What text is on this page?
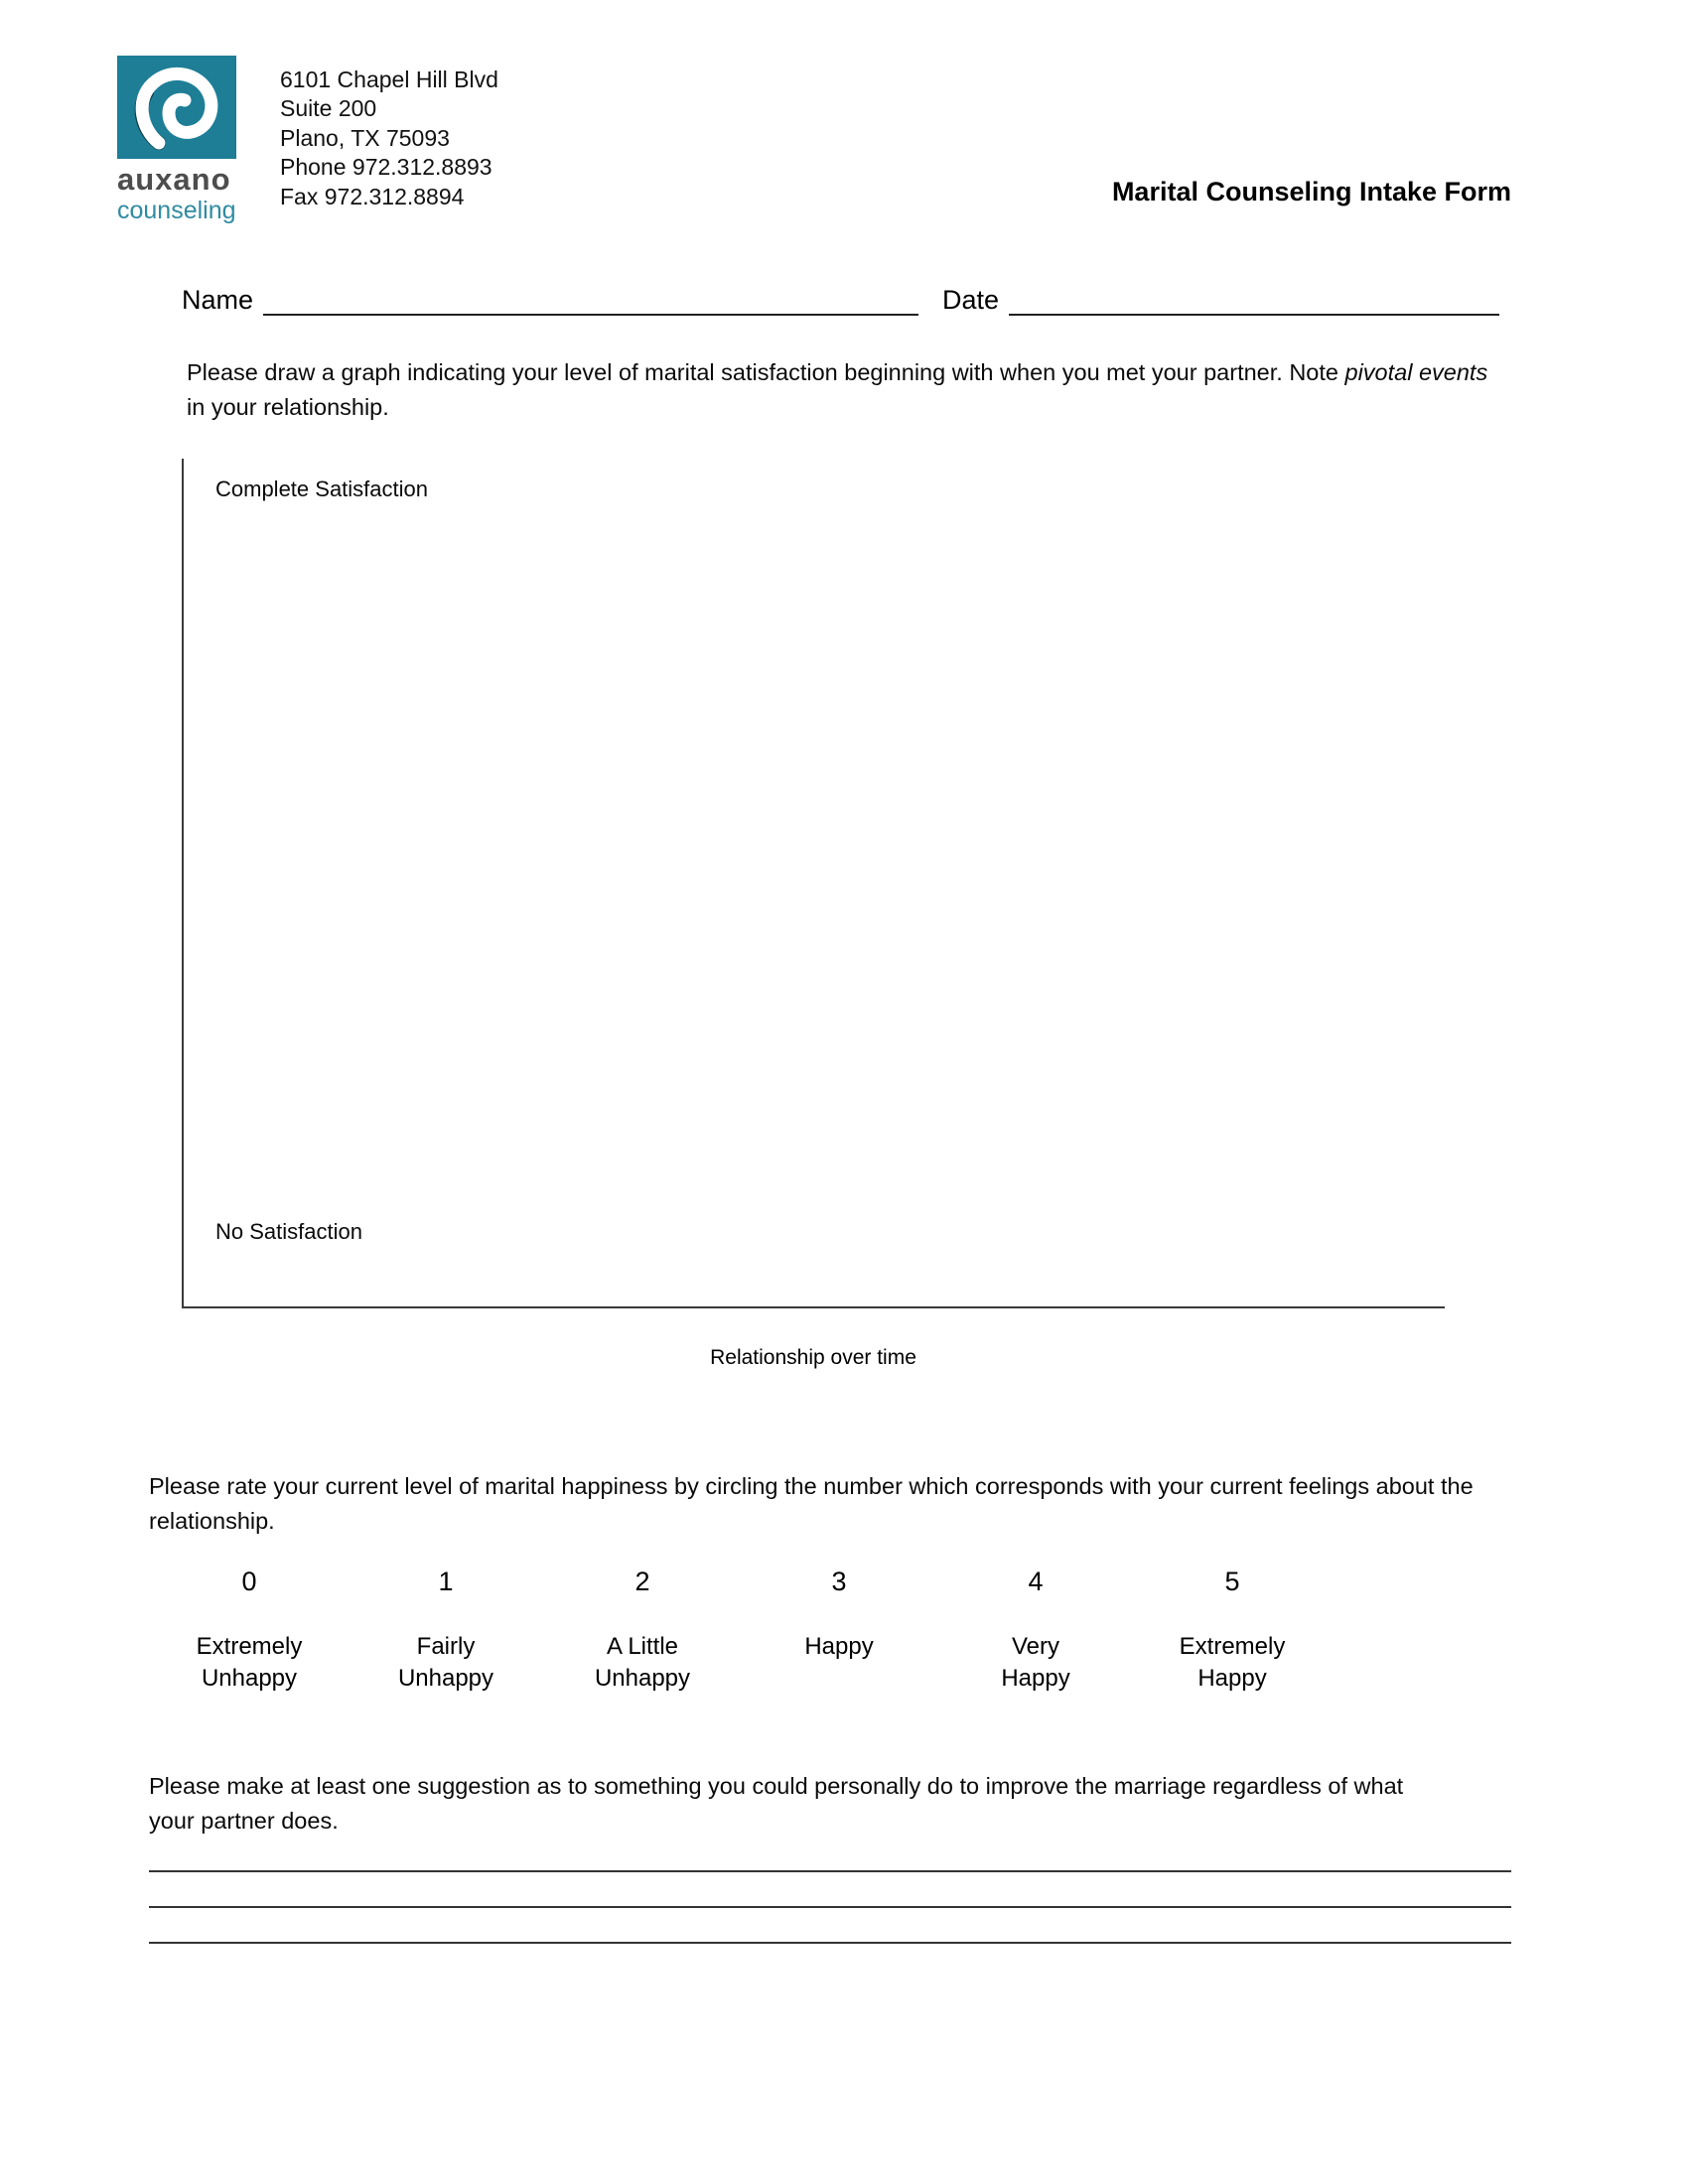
auxano
counseling
6101 Chapel Hill Blvd
Suite 200
Plano, TX 75093
Phone 972.312.8893
Fax 972.312.8894	Marital Counseling Intake Form
Name	Date

Please draw a graph indicating your level of marital satisfaction beginning with when you met your partner. Note pivotal events in your relationship.

Complete Satisfaction
No Satisfaction
Relationship over time

Please rate your current level of marital happiness by circling the number which corresponds with your current feelings about the relationship.

0
Extremely
Unhappy
1
Fairly
Unhappy
2
A Little
Unhappy
3
Happy

4
Very
Happy
5
Extremely
Happy

Please make at least one suggestion as to something you could personally do to improve the marriage regardless of what your partner does.
